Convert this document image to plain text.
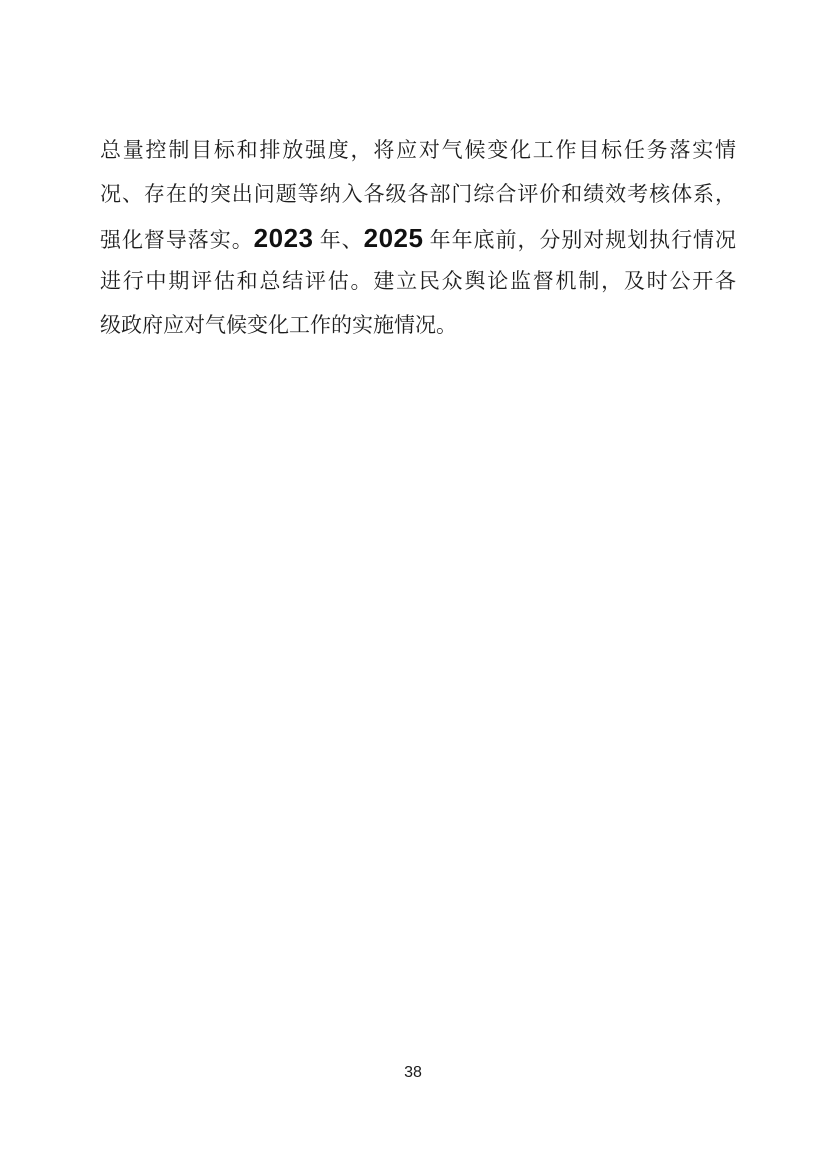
总量控制目标和排放强度，将应对气候变化工作目标任务落实情
况、存在的突出问题等纳入各级各部门综合评价和绩效考核体系，
强化督导落实。2023 年、2025 年年底前，分别对规划执行情况
进行中期评估和总结评估。建立民众舆论监督机制，及时公开各
级政府应对气候变化工作的实施情况。
38
